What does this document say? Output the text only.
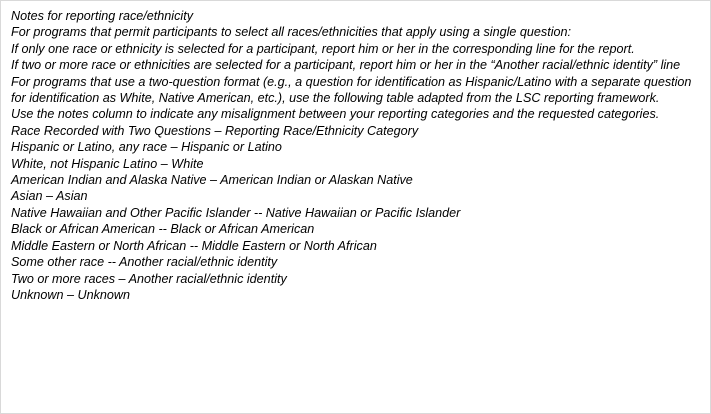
Notes for reporting race/ethnicity

For programs that permit participants to select all races/ethnicities that apply using a single question:

If only one race or ethnicity is selected for a participant, report him or her in the corresponding line for the report.

If two or more race or ethnicities are selected for a participant, report him or her in the “Another racial/ethnic identity” line

For programs that use a two-question format (e.g., a question for identification as Hispanic/Latino with a separate question for identification as White, Native American, etc.), use the following table adapted from the LSC reporting framework.

Use the notes column to indicate any misalignment between your reporting categories and the requested categories.

Race Recorded with Two Questions – Reporting Race/Ethnicity Category

Hispanic or Latino, any race – Hispanic or Latino

White, not Hispanic Latino – White

American Indian and Alaska Native – American Indian or Alaskan Native

Asian – Asian

Native Hawaiian and Other Pacific Islander -- Native Hawaiian or Pacific Islander

Black or African American -- Black or African American

Middle Eastern or North African -- Middle Eastern or North African

Some other race -- Another racial/ethnic identity

Two or more races – Another racial/ethnic identity

Unknown – Unknown
